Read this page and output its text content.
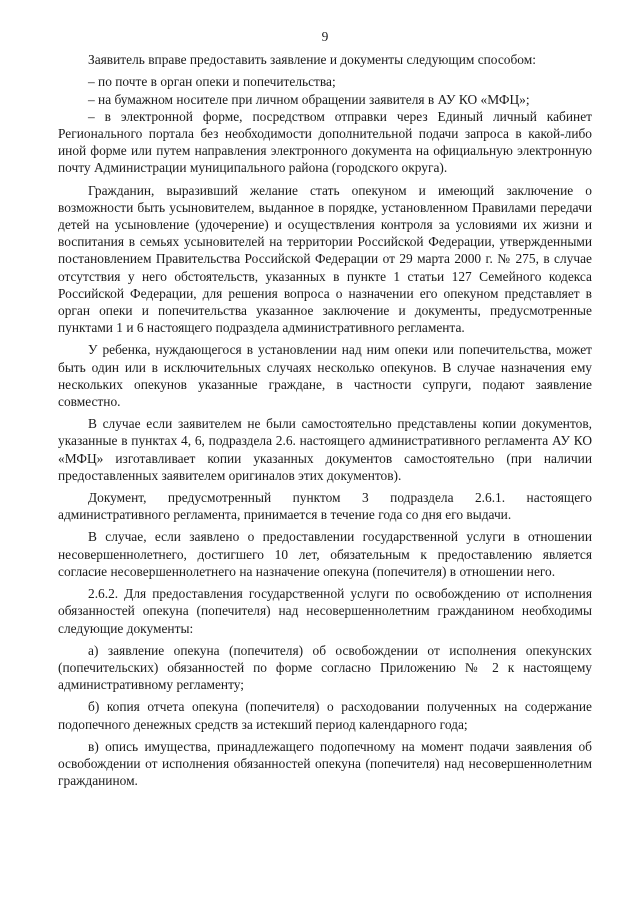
9

Заявитель вправе предоставить заявление и документы следующим способом:

– по почте в орган опеки и попечительства;

– на бумажном носителе при личном обращении заявителя в АУ КО «МФЦ»;

– в электронной форме, посредством отправки через Единый личный кабинет Регионального портала без необходимости дополнительной подачи запроса в какой-либо иной форме или путем направления электронного документа на официальную электронную почту Администрации муниципального района (городского округа).

Гражданин, выразивший желание стать опекуном и имеющий заключение о возможности быть усыновителем, выданное в порядке, установленном Правилами передачи детей на усыновление (удочерение) и осуществления контроля за условиями их жизни и воспитания в семьях усыновителей на территории Российской Федерации, утвержденными постановлением Правительства Российской Федерации от 29 марта 2000 г. № 275, в случае отсутствия у него обстоятельств, указанных в пункте 1 статьи 127 Семейного кодекса Российской Федерации, для решения вопроса о назначении его опекуном представляет в орган опеки и попечительства указанное заключение и документы, предусмотренные пунктами 1 и 6 настоящего подраздела административного регламента.

У ребенка, нуждающегося в установлении над ним опеки или попечительства, может быть один или в исключительных случаях несколько опекунов. В случае назначения ему нескольких опекунов указанные граждане, в частности супруги, подают заявление совместно.

В случае если заявителем не были самостоятельно представлены копии документов, указанные в пунктах 4, 6, подраздела 2.6. настоящего административного регламента АУ КО «МФЦ» изготавливает копии указанных документов самостоятельно (при наличии предоставленных заявителем оригиналов этих документов).

Документ, предусмотренный пунктом 3 подраздела 2.6.1. настоящего административного регламента, принимается в течение года со дня его выдачи.

В случае, если заявлено о предоставлении государственной услуги в отношении несовершеннолетнего, достигшего 10 лет, обязательным к предоставлению является согласие несовершеннолетнего на назначение опекуна (попечителя) в отношении него.

2.6.2. Для предоставления государственной услуги по освобождению от исполнения обязанностей опекуна (попечителя) над несовершеннолетним гражданином необходимы следующие документы:

а) заявление опекуна (попечителя) об освобождении от исполнения опекунских (попечительских) обязанностей по форме согласно Приложению № 2 к настоящему административному регламенту;

б) копия отчета опекуна (попечителя) о расходовании полученных на содержание подопечного денежных средств за истекший период календарного года;

в) опись имущества, принадлежащего подопечному на момент подачи заявления об освобождении от исполнения обязанностей опекуна (попечителя) над несовершеннолетним гражданином.
